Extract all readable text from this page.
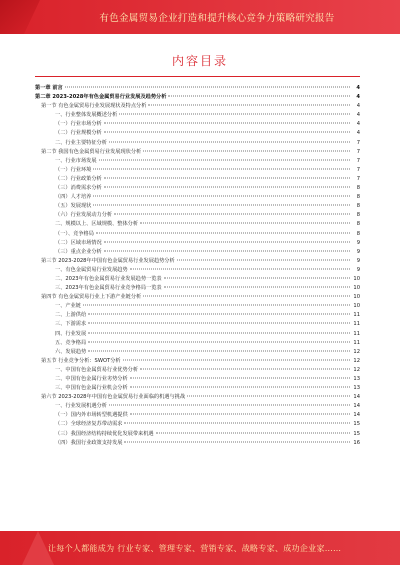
有色金属贸易企业打造和提升核心竞争力策略研究报告
内容目录
第一章 前言	4
第二章 2023-2028年有色金属贸易行业发展及趋势分析	4
第一节 有色金属贸易行业发展现状及特点分析	4
一、行业整体发展概述分析	4
（一）行业市场分析	4
（二）行业规模分析	4
二、行业主要特征分析	7
第二节 我国有色金属贸易行业发展现状分析	7
一、行业市场发展	7
（一）行业环境	7
（二）行业政策分析	7
（三）消费需求分析	8
（四）人才培养	8
（五）发展现状	8
（六）行业发展动力分析	8
二、规模以上、区域规模、整体分析	8
（一）、竞争格局	8
（二）区域市场情况	9
（三）重点企业分析	9
第三节 2023-2028年中国有色金属贸易行业发展趋势分析	9
一、有色金属贸易行业发展趋势	9
二、2023年有色金属贸易行业发展趋势一览表	10
三、2023年有色金属贸易行业竞争格局一览表	10
第四节 有色金属贸易行业上下游产业链分析	10
一、产业链	10
二、上游供给	11
三、下游需求	11
四、行业发展	11
五、竞争格局	11
六、发展趋势	12
第五节 行业竞争分析：SWOT分析	12
一、中国有色金属贸易行业优势分析	12
二、中国有色金属行业劣势分析	13
三、中国有色金属行业机会分析	13
第六节 2023-2028年中国有色金属贸易行业面临的机遇与挑战	14
一、行业发展机遇分析	14
（一）国内外市场转型机遇提供	14
（二）全球经济复苏带动需求	15
（三）我国经济结构持续优化发展带来机遇	15
（四）我国行业政策支持发展	16
让每个人都能成为 行业专家、管理专家、营销专家、战略专家、成功企业家……
